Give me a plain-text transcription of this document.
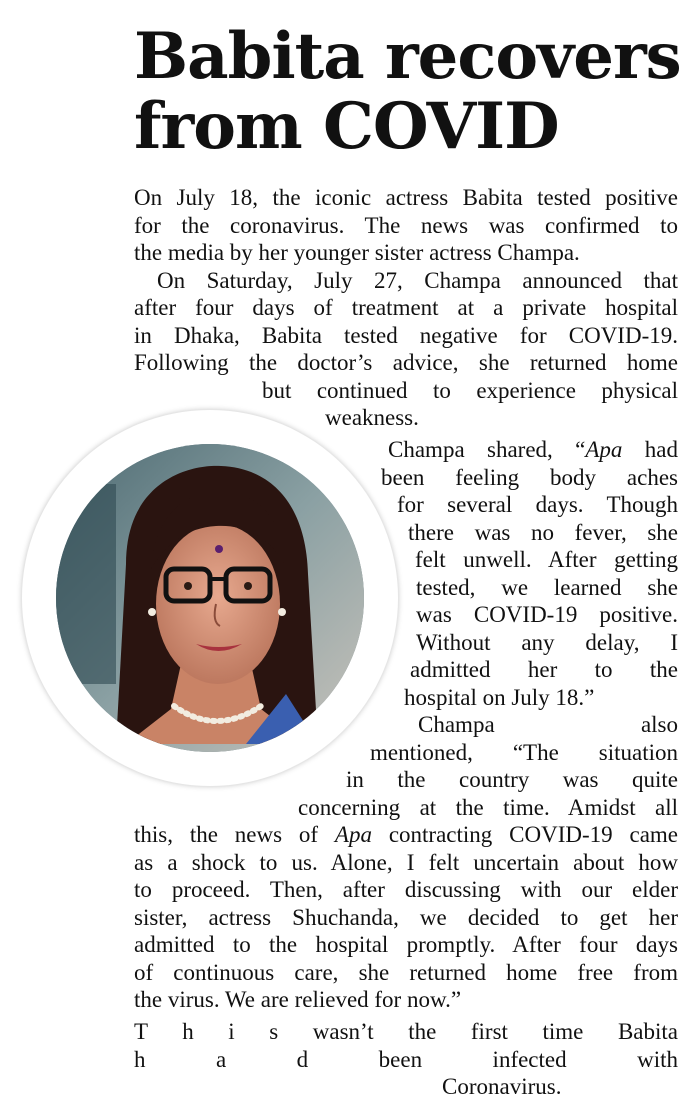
Babita recovers
from COVID

On July 18, the iconic actress Babita tested positive

for the coronavirus. The news was confirmed to

the media by her younger sister actress Champa.

On Saturday, July 27, Champa announced that

after four days of treatment at a private hospital

in Dhaka, Babita tested negative for COVID-19.

Following the doctor’s advice, she returned home

but continued to experience physical

weakness.

Champa shared, “Apa had

been feeling body aches

for several days. Though

there was no fever, she

felt unwell. After getting

tested, we learned she

was COVID-19 positive.

Without any delay, I

admitted her to the

hospital on July 18.”

Champa also

mentioned, “The situation

in the country was quite

concerning at the time. Amidst all

this, the news of Apa contracting COVID-19 came

as a shock to us. Alone, I felt uncertain about how

to proceed. Then, after discussing with our elder

sister, actress Shuchanda, we decided to get her

admitted to the hospital promptly. After four days

of continuous care, she returned home free from

the virus. We are relieved for now.”

T h i s wasn’t the first time Babita

h a d been infected with

Coronavirus.
